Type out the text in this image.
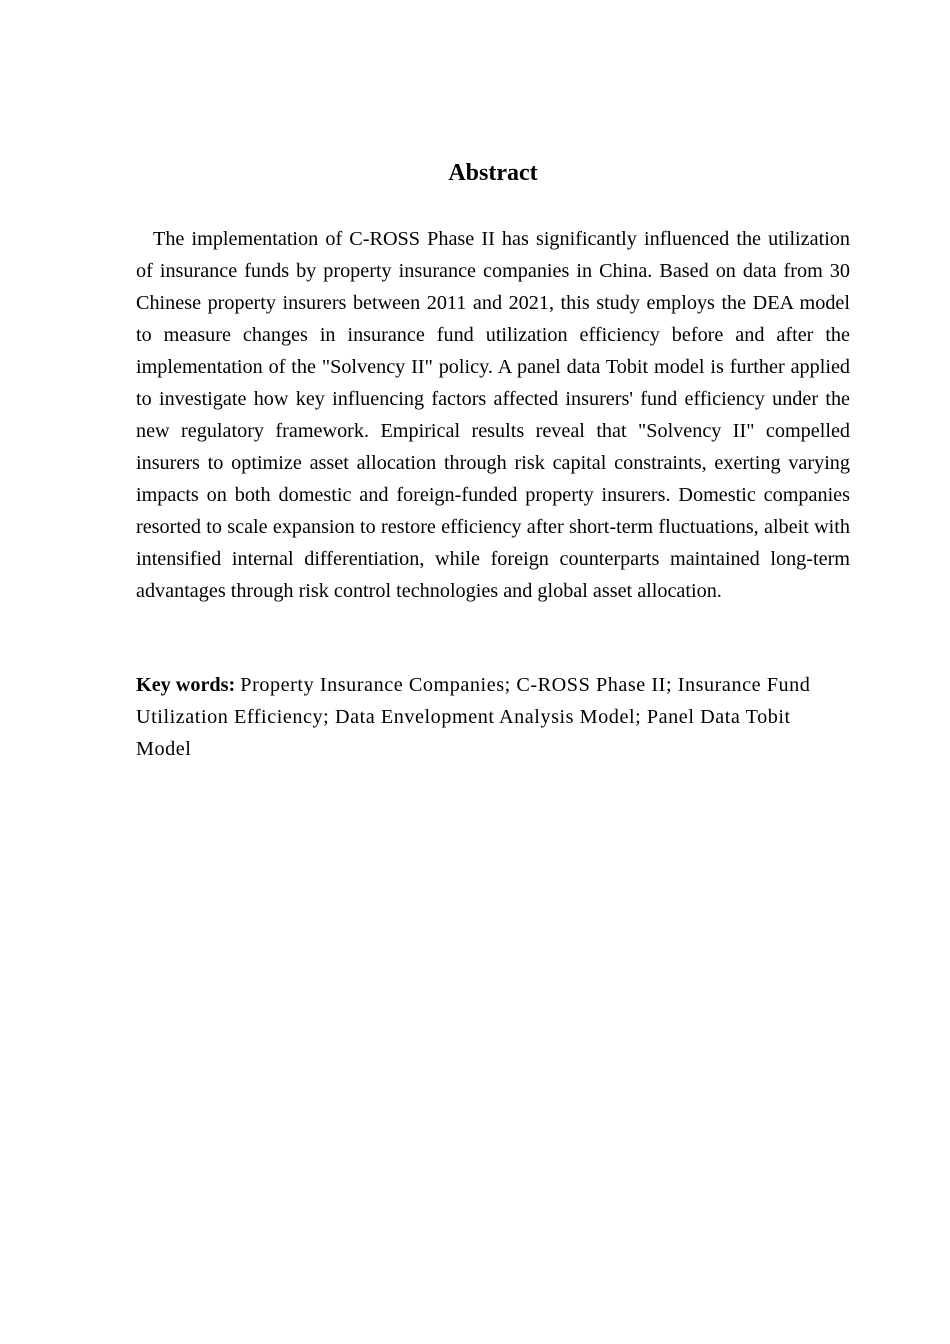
Abstract

The implementation of C-ROSS Phase II has significantly influenced the utilization of insurance funds by property insurance companies in China. Based on data from 30 Chinese property insurers between 2011 and 2021, this study employs the DEA model to measure changes in insurance fund utilization efficiency before and after the implementation of the "Solvency II" policy. A panel data Tobit model is further applied to investigate how key influencing factors affected insurers' fund efficiency under the new regulatory framework. Empirical results reveal that "Solvency II" compelled insurers to optimize asset allocation through risk capital constraints, exerting varying impacts on both domestic and foreign-funded property insurers. Domestic companies resorted to scale expansion to restore efficiency after short-term fluctuations, albeit with intensified internal differentiation, while foreign counterparts maintained long-term advantages through risk control technologies and global asset allocation.

Key words: Property Insurance Companies; C-ROSS Phase II; Insurance Fund Utilization Efficiency; Data Envelopment Analysis Model; Panel Data Tobit Model
